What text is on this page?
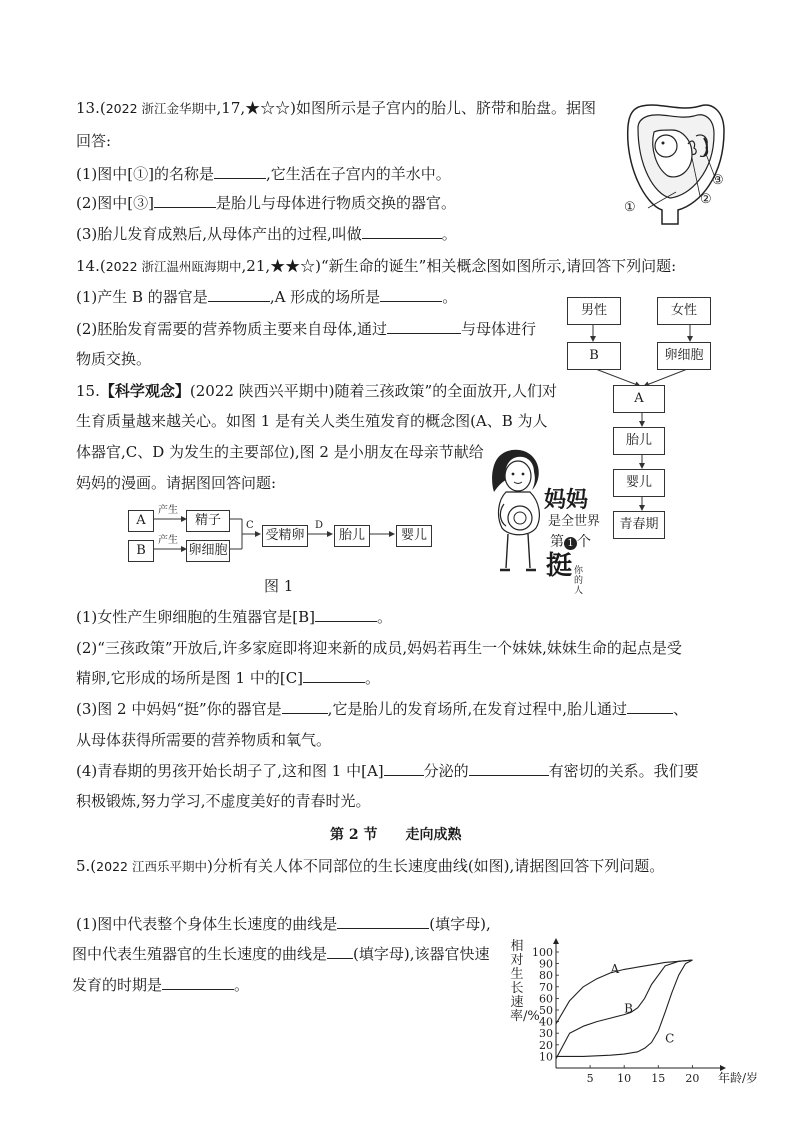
13.(2022 浙江金华期中,17,★☆☆)如图所示是子宫内的胎儿、脐带和胎盘。据图
回答:
(1)图中[①]的名称是	,它生活在子宫内的羊水中。
(2)图中[③]	是胎儿与母体进行物质交换的器官。
(3)胎儿发育成熟后,从母体产出的过程,叫做	。
①
②
③
14.(2022 浙江温州瓯海期中,21,★★☆)“新生命的诞生”相关概念图如图所示,请回答下列问题:
(1)产生 B 的器官是	,A 形成的场所是	。
(2)胚胎发育需要的营养物质主要来自母体,通过	与母体进行
物质交换。
男性	女性
B	卵细胞
A
胎儿
婴儿
青春期
15.【科学观念】(2022 陕西兴平期中)随着三孩政策”的全面放开,人们对
生育质量越来越关心。如图 1 是有关人类生殖发育的概念图(A、B 为人
体器官,C、D 为发生的主要部位),图 2 是小朋友在母亲节献给
妈妈的漫画。请据图回答问题:
A
B
产生
产生
精子
卵细胞
C
受精卵
D
胎儿	婴儿
图 1
妈妈
是全世界
第 1 个
挺 你的人
(1)女性产生卵细胞的生殖器官是[B]	。
(2)“三孩政策”开放后,许多家庭即将迎来新的成员,妈妈若再生一个妹妹,妹妹生命的起点是受
精卵,它形成的场所是图 1 中的[C]	。
(3)图 2 中妈妈“挺”你的器官是	,它是胎儿的发育场所,在发育过程中,胎儿通过	、
从母体获得所需要的营养物质和氧气。
(4)青春期的男孩开始长胡子了,这和图 1 中[A]	分泌的	有密切的关系。我们要
积极锻炼,努力学习,不虚度美好的青春时光。
第 2 节　　走向成熟
5.(2022 江西乐平期中)分析有关人体不同部位的生长速度曲线(如图),请据图回答下列问题。
(1)图中代表整个身体生长速度的曲线是	(填字母),
图中代表生殖器官的生长速度的曲线是 (填字母),该器官快速
发育的时期是	。
相对生长速率/%
10
20
30
40
50
60
70
80
90
100
5 10 15 20 年龄/岁
A
B
C
